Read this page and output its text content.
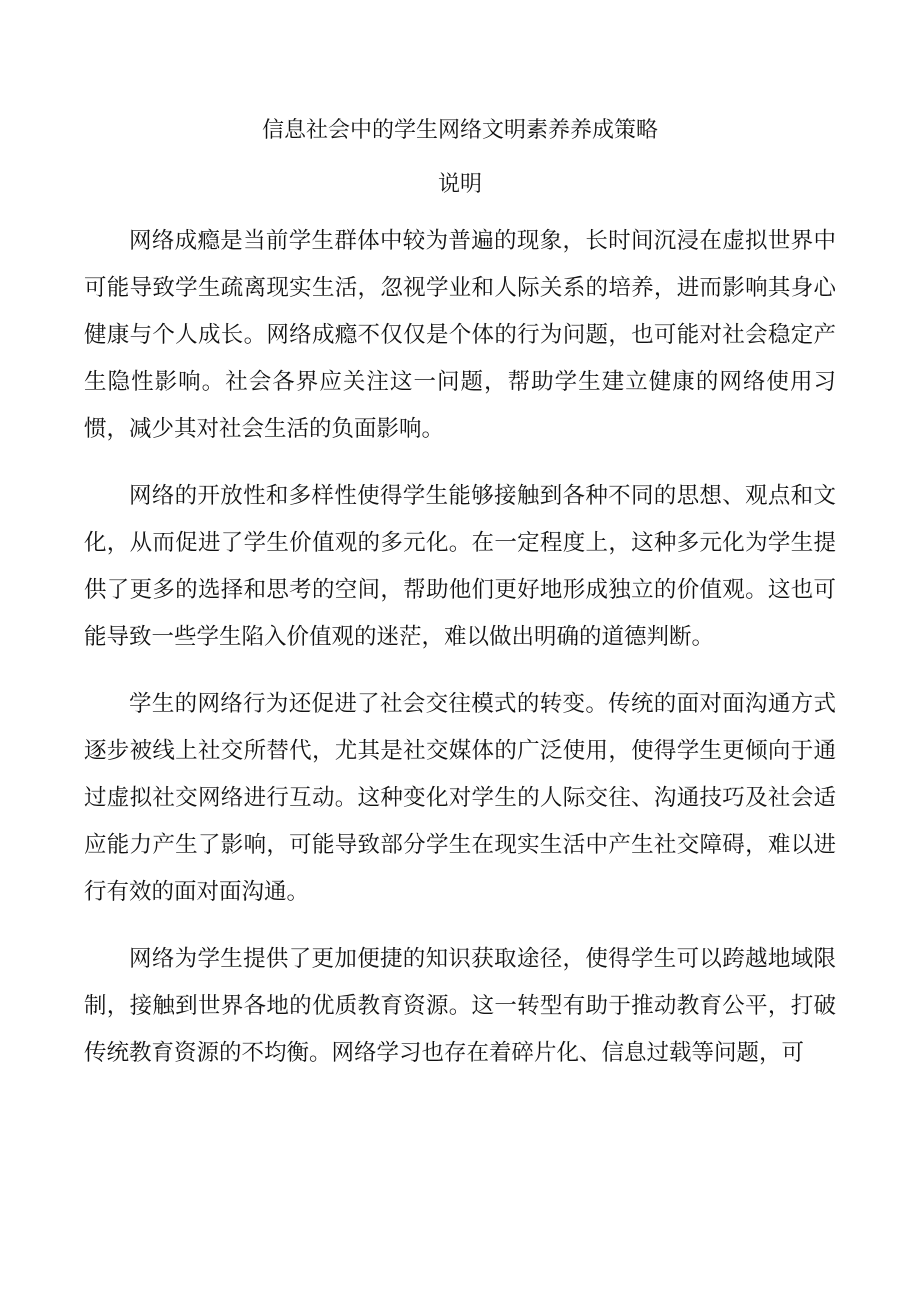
信息社会中的学生网络文明素养养成策略
说明

网络成瘾是当前学生群体中较为普遍的现象，长时间沉浸在虚拟世界中可能导致学生疏离现实生活，忽视学业和人际关系的培养，进而影响其身心健康与个人成长。网络成瘾不仅仅是个体的行为问题，也可能对社会稳定产生隐性影响。社会各界应关注这一问题，帮助学生建立健康的网络使用习惯，减少其对社会生活的负面影响。

网络的开放性和多样性使得学生能够接触到各种不同的思想、观点和文化，从而促进了学生价值观的多元化。在一定程度上，这种多元化为学生提供了更多的选择和思考的空间，帮助他们更好地形成独立的价值观。这也可能导致一些学生陷入价值观的迷茫，难以做出明确的道德判断。

学生的网络行为还促进了社会交往模式的转变。传统的面对面沟通方式逐步被线上社交所替代，尤其是社交媒体的广泛使用，使得学生更倾向于通过虚拟社交网络进行互动。这种变化对学生的人际交往、沟通技巧及社会适应能力产生了影响，可能导致部分学生在现实生活中产生社交障碍，难以进行有效的面对面沟通。

网络为学生提供了更加便捷的知识获取途径，使得学生可以跨越地域限制，接触到世界各地的优质教育资源。这一转型有助于推动教育公平，打破传统教育资源的不均衡。网络学习也存在着碎片化、信息过载等问题，可
